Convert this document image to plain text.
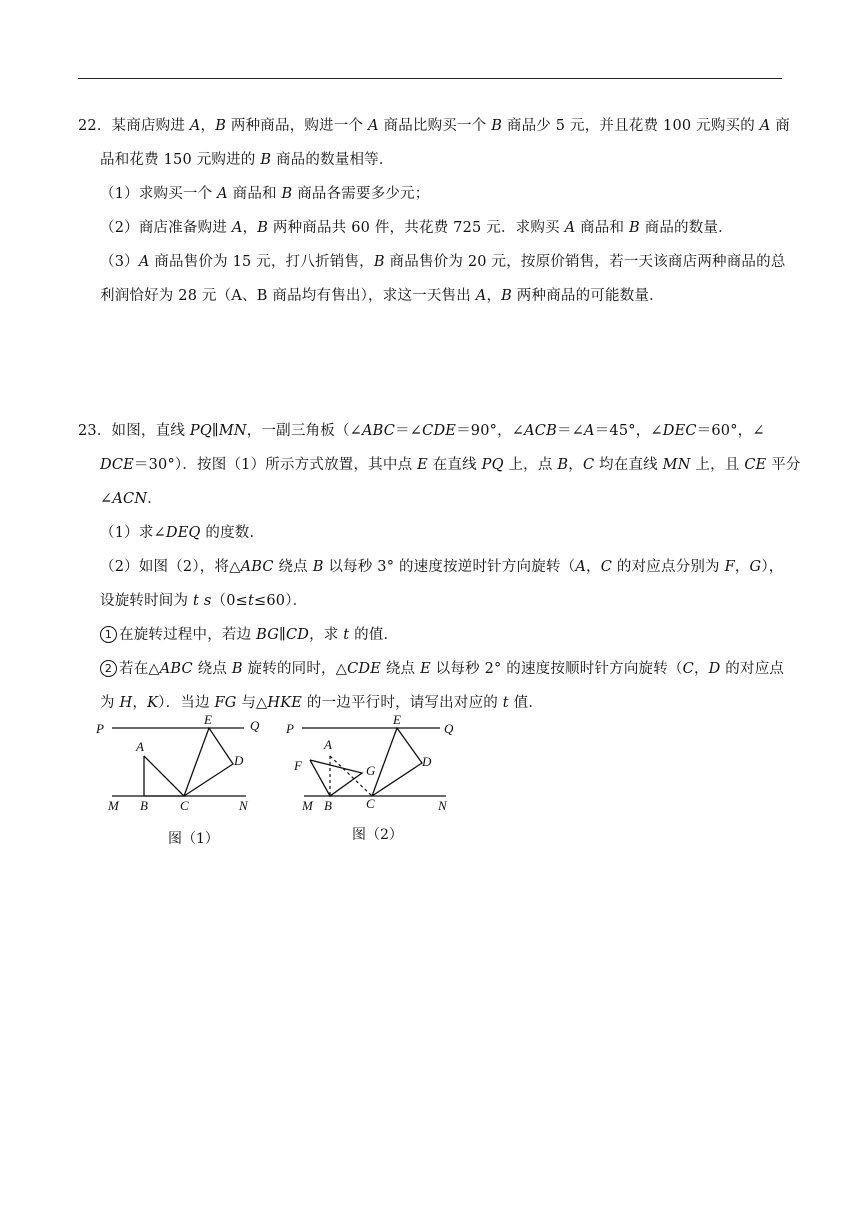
22．某商店购进 A，B 两种商品，购进一个 A 商品比购买一个 B 商品少 5 元，并且花费 100 元购买的 A 商
品和花费 150 元购进的 B 商品的数量相等．
（1）求购买一个 A 商品和 B 商品各需要多少元；
（2）商店准备购进 A，B 两种商品共 60 件，共花费 725 元．求购买 A 商品和 B 商品的数量．
（3）A 商品售价为 15 元，打八折销售，B 商品售价为 20 元，按原价销售，若一天该商店两种商品的总
利润恰好为 28 元（A、B 商品均有售出），求这一天售出 A，B 两种商品的可能数量．
23．如图，直线 PQ∥MN，一副三角板（∠ABC＝∠CDE＝90°，∠ACB＝∠A＝45°，∠DEC＝60°，∠
DCE＝30°）．按图（1）所示方式放置，其中点 E 在直线 PQ 上，点 B，C 均在直线 MN 上，且 CE 平分
∠ACN．
（1）求∠DEQ 的度数．
（2）如图（2），将△ABC 绕点 B 以每秒 3° 的速度按逆时针方向旋转（A，C 的对应点分别为 F，G），
设旋转时间为 t s（0≤t≤60）．
1 在旋转过程中，若边 BG∥CD，求 t 的值．
2 若在△ABC 绕点 B 旋转的同时，△CDE 绕点 E 以每秒 2° 的速度按顺时针方向旋转（C，D 的对应点
为 H，K）．当边 FG 与△HKE 的一边平行时，请写出对应的 t 值．
P	Q
E
A
D
M B C	N
图（1）
P	Q
E
A
F	G
D
M B	C	N
图（2）
